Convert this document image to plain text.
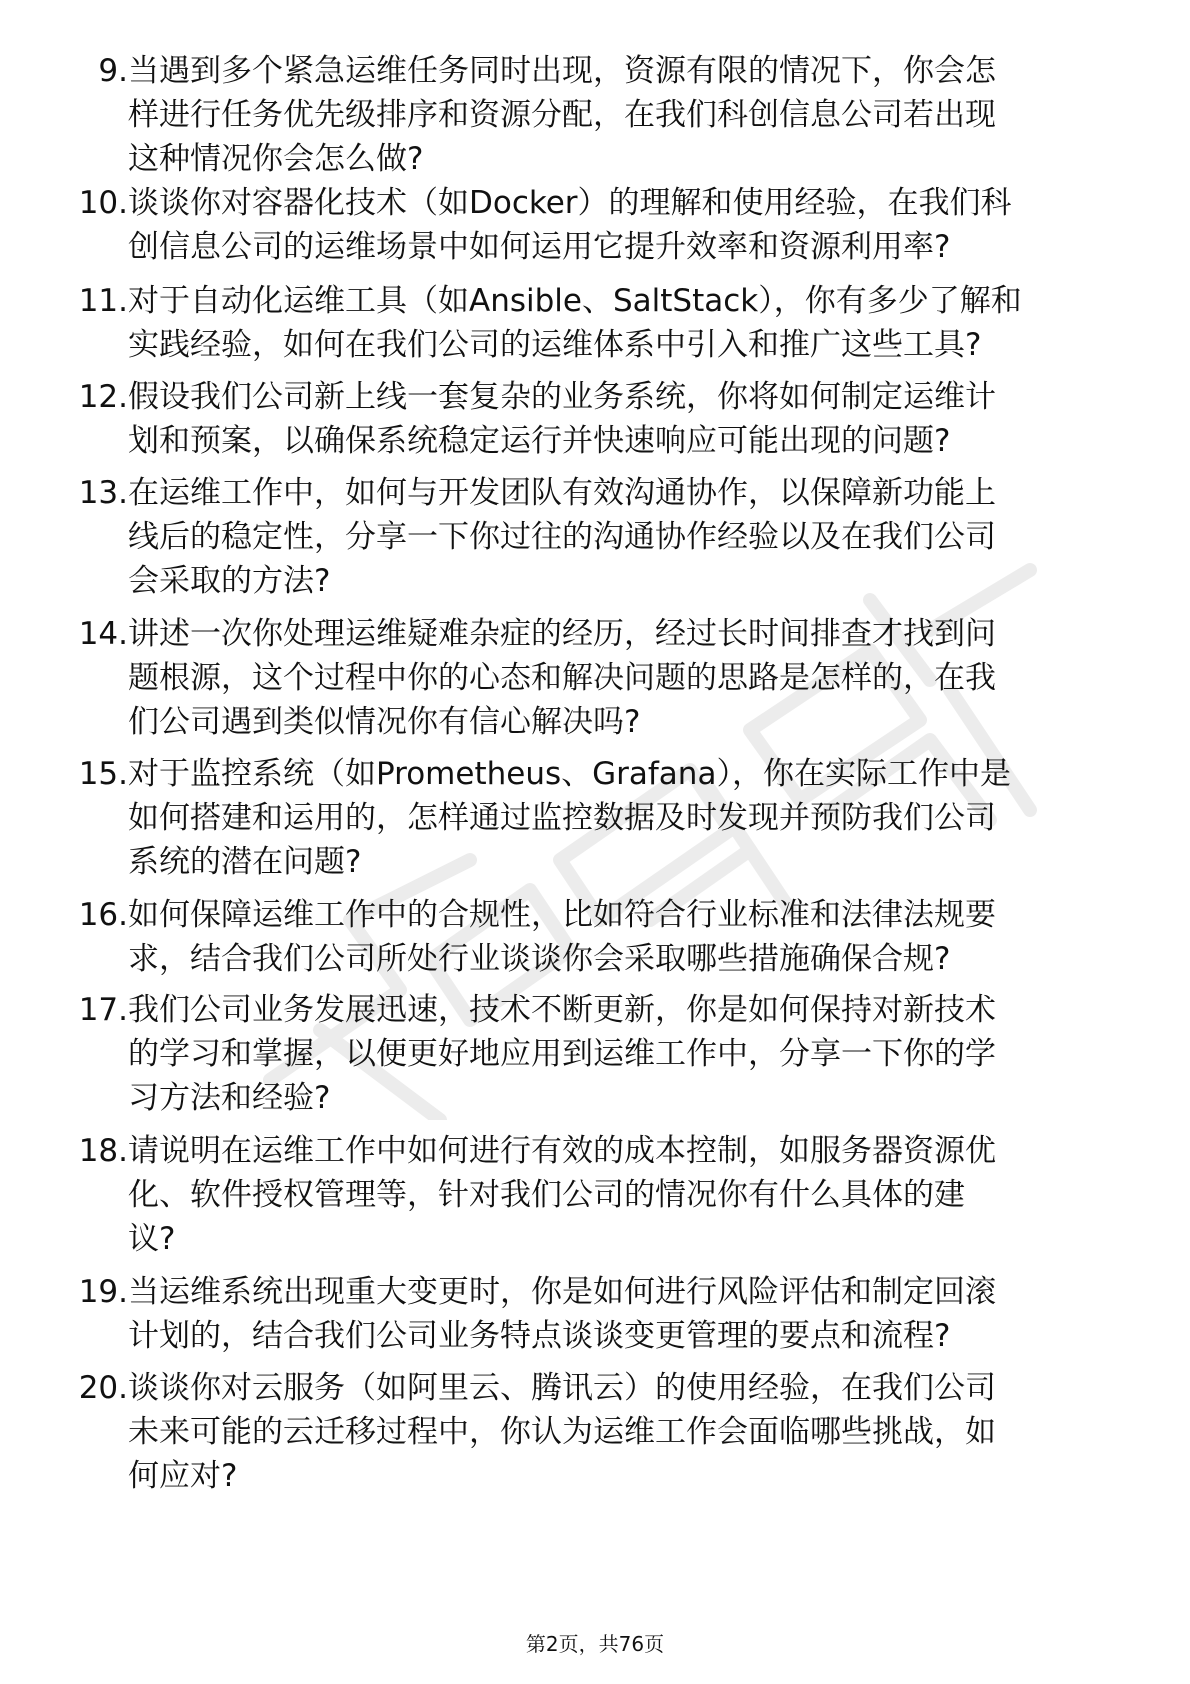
9. 当遇到多个紧急运维任务同时出现，资源有限的情况下，你会怎
样进行任务优先级排序和资源分配，在我们科创信息公司若出现
这种情况你会怎么做?
10. 谈谈你对容器化技术（如Docker）的理解和使用经验，在我们科
创信息公司的运维场景中如何运用它提升效率和资源利用率?
11. 对于自动化运维工具（如Ansible、SaltStack），你有多少了解和
实践经验，如何在我们公司的运维体系中引入和推广这些工具?
12. 假设我们公司新上线一套复杂的业务系统，你将如何制定运维计
划和预案，以确保系统稳定运行并快速响应可能出现的问题?
13. 在运维工作中，如何与开发团队有效沟通协作，以保障新功能上
线后的稳定性，分享一下你过往的沟通协作经验以及在我们公司
会采取的方法?
14. 讲述一次你处理运维疑难杂症的经历，经过长时间排查才找到问
题根源，这个过程中你的心态和解决问题的思路是怎样的，在我
们公司遇到类似情况你有信心解决吗?
15. 对于监控系统（如Prometheus、Grafana），你在实际工作中是
如何搭建和运用的，怎样通过监控数据及时发现并预防我们公司
系统的潜在问题?
16. 如何保障运维工作中的合规性，比如符合行业标准和法律法规要
求，结合我们公司所处行业谈谈你会采取哪些措施确保合规?
17. 我们公司业务发展迅速，技术不断更新，你是如何保持对新技术
的学习和掌握，以便更好地应用到运维工作中，分享一下你的学
习方法和经验?
18. 请说明在运维工作中如何进行有效的成本控制，如服务器资源优
化、软件授权管理等，针对我们公司的情况你有什么具体的建
议?
19. 当运维系统出现重大变更时，你是如何进行风险评估和制定回滚
计划的，结合我们公司业务特点谈谈变更管理的要点和流程?
20. 谈谈你对云服务（如阿里云、腾讯云）的使用经验，在我们公司
未来可能的云迁移过程中，你认为运维工作会面临哪些挑战，如
何应对?
第2页，共76页
